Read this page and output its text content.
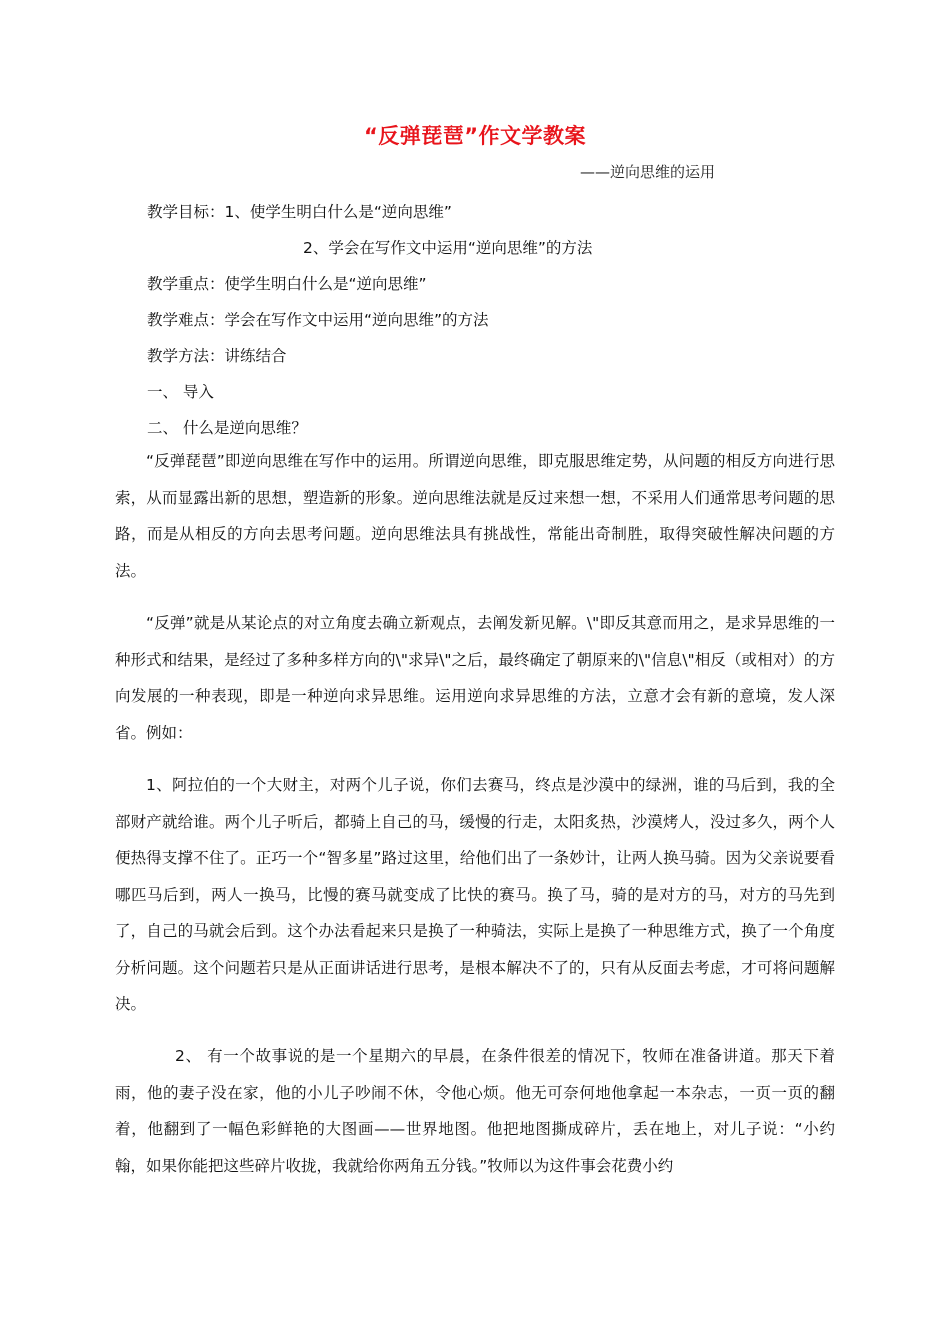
“反弹琵琶”作文学教案
——逆向思维的运用
教学目标：1、使学生明白什么是“逆向思维”
2、学会在写作文中运用“逆向思维”的方法
教学重点：使学生明白什么是“逆向思维”
教学难点：学会在写作文中运用“逆向思维”的方法
教学方法：讲练结合
一、 导入
二、 什么是逆向思维？
“反弹琵琶”即逆向思维在写作中的运用。所谓逆向思维，即克服思维定势，从问题的相反方向进行思索，从而显露出新的思想，塑造新的形象。逆向思维法就是反过来想一想，不采用人们通常思考问题的思路，而是从相反的方向去思考问题。逆向思维法具有挑战性，常能出奇制胜，取得突破性解决问题的方法。
“反弹”就是从某论点的对立角度去确立新观点，去阐发新见解。\"即反其意而用之，是求异思维的一种形式和结果，是经过了多种多样方向的\"求异\"之后，最终确定了朝原来的\"信息\"相反（或相对）的方向发展的一种表现，即是一种逆向求异思维。运用逆向求异思维的方法，立意才会有新的意境，发人深省。例如：
1、阿拉伯的一个大财主，对两个儿子说，你们去赛马，终点是沙漠中的绿洲，谁的马后到，我的全部财产就给谁。两个儿子听后，都骑上自己的马，缓慢的行走，太阳炙热，沙漠烤人，没过多久，两个人便热得支撑不住了。正巧一个“智多星”路过这里，给他们出了一条妙计，让两人换马骑。因为父亲说要看哪匹马后到，两人一换马，比慢的赛马就变成了比快的赛马。换了马，骑的是对方的马，对方的马先到了，自己的马就会后到。这个办法看起来只是换了一种骑法，实际上是换了一种思维方式，换了一个角度分析问题。这个问题若只是从正面讲话进行思考，是根本解决不了的，只有从反面去考虑，才可将问题解决。
2、 有一个故事说的是一个星期六的早晨，在条件很差的情况下，牧师在准备讲道。那天下着雨，他的妻子没在家，他的小儿子吵闹不休，令他心烦。他无可奈何地他拿起一本杂志，一页一页的翻着，他翻到了一幅色彩鲜艳的大图画——世界地图。他把地图撕成碎片，丢在地上，对儿子说：“小约翰，如果你能把这些碎片收拢，我就给你两角五分钱。”牧师以为这件事会花费小约
